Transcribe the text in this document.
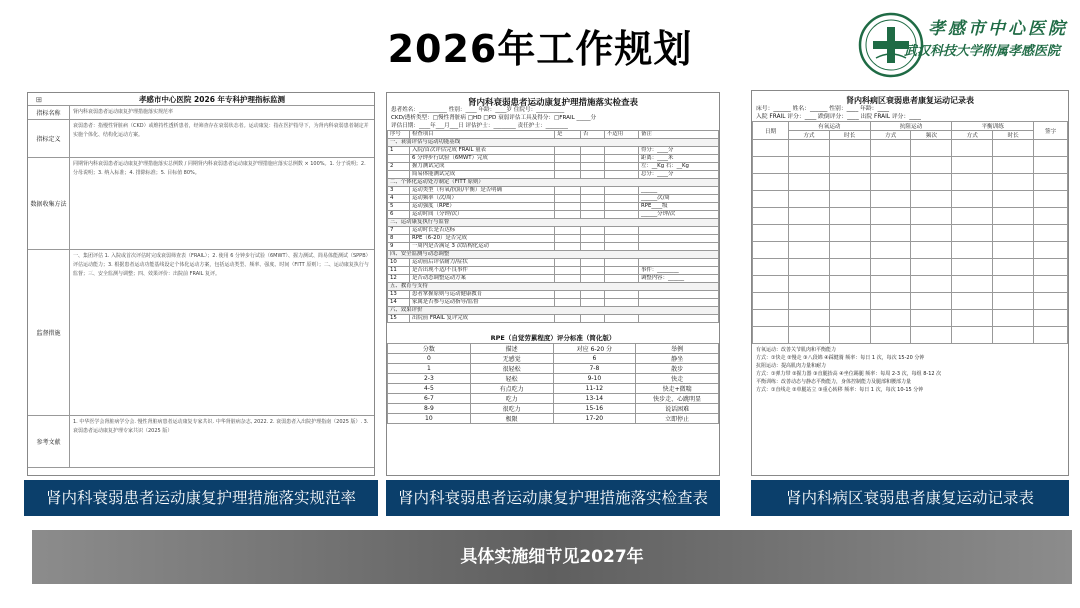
2026年工作规划	孝感市中心医院
武汉科技大学附属孝感医院
⊞	孝感市中心医院 2026 年专科护理指标监测
指标名称	肾内科衰弱患者运动康复护理措施落实规范率
指标定义
衰弱患者：指慢性肾脏病（CKD）或维持性透析患者，经筛查存在衰弱状态者。运动康复：指在医护指导下，为肾内科衰弱患者制定并实施个体化、结构化运动方案。
数据收集方法
同期肾内科衰弱患者运动康复护理措施落实总例数 / 同期肾内科衰弱患者运动康复护理措施应落实总例数 × 100%。1. 分子说明；2. 分母说明；3. 纳入标准；4. 排除标准；5. 目标值 80%。
监督措施
一、集团评估 1. 入院或首次评估时完成衰弱筛查表（FRAIL）；2. 使用 6 分钟步行试验（6MWT）、握力测试、简易体能测试（SPPB）评估运动能力；3. 根据患者运动功能基线设定个体化运动方案，包括运动类型、频率、强度、时间（FITT 原则）；二、运动康复执行与监督；三、安全监测与调整；四、效果评价：出院前 FRAIL 复评。
参考文献
1. 中华医学会肾脏病学分会. 慢性肾脏病患者运动康复专家共识. 中华肾脏病杂志, 2022. 2. 衰弱患者入出院护理指南（2025 版）. 3. 衰弱患者运动康复护理专家共识（2025 版）
肾内科衰弱患者运动康复护理措施落实检查表
患者姓名：__________ 性别：____ 年龄：____岁 住院号：__________
CKD/透析类型：□慢性肾脏病 □HD □PD 衰弱评估工具及得分：□FRAIL _____分
评估日期：____年___月___日 评估护士：________ 责任护士：________
序号	检查项目	是	否	不适用	备注
一、衰弱评估与运动功能基线					
1	入院/首次评估完成 FRAIL 量表				得分：____分
	6 分钟步行试验（6MWT）完成				距离：____米
2	握力测试完成				左：__Kg 右：__Kg
	简易体能测试完成				总分：____分
二、个体化运动处方制定（FITT 原则）					
3	运动类型（有氧/抗阻/平衡）是否明确				______
4	运动频率（次/周）				______次/周
5	运动强度（RPE）				RPE____级
6	运动时间（分钟/次）				______分钟/次
三、运动康复执行与监督					
7	运动时长是否达标				
8	RPE（6-20）是否完成				
9	一周内是否满足 3 次结构化运动				
四、安全监测与动态调整					
10	运动前后评估耐力/症状				
11	是否出现不适/不良事件				事件：________
12	是否动态调整运动方案				调整内容：______
五、教育与支持					
13	患者掌握原则与运动健康教育				
14	家属是否参与运动指导/监督				
六、效果评价					
15	出院前 FRAIL 复评完成				
RPE（自觉劳累程度）评分标准（简化版）
分数	描述	对应 6-20 分	举例
0	无感觉	6	静坐
1	很轻松	7-8	散步
2-3	轻松	9-10	快走
4-5	有点吃力	11-12	快走+微喘
6-7	吃力	13-14	快步走、心跳明显
8-9	很吃力	15-16	说话困难
10	极限	17-20	立即停止
肾内科病区衰弱患者康复运动记录表
床号：______ 姓名：______ 性别：____ 年龄：____
入院 FRAIL 评分：____ 跌倒评分：____ 出院 FRAIL 评分：____
日期	有氧运动		抗阻运动		平衡训练		签字
	方式	时长	方式	频次	方式	时长	

有氧运动：改善关节肌肉和平衡能力
方式：①快走 ②慢走 ③八段锦 ④踩健骑 频率：每日 1 次，每次 15-20 分钟
抗阻运动：提高肌肉力量和耐力
方式：①弹力带 ②握力器 ③直腿抬高 ④坐位踢腿 频率：每周 2-3 次，每组 8-12 次
平衡训练：改善动态与静态平衡能力，身体控制能力及腿部和腰部力量
方式：①直线走 ②单腿站立 ③重心转移 频率：每日 1 次，每次 10-15 分钟
肾内科衰弱患者运动康复护理措施落实规范率	肾内科衰弱患者运动康复护理措施落实检查表	肾内科病区衰弱患者康复运动记录表
具体实施细节见2027年
